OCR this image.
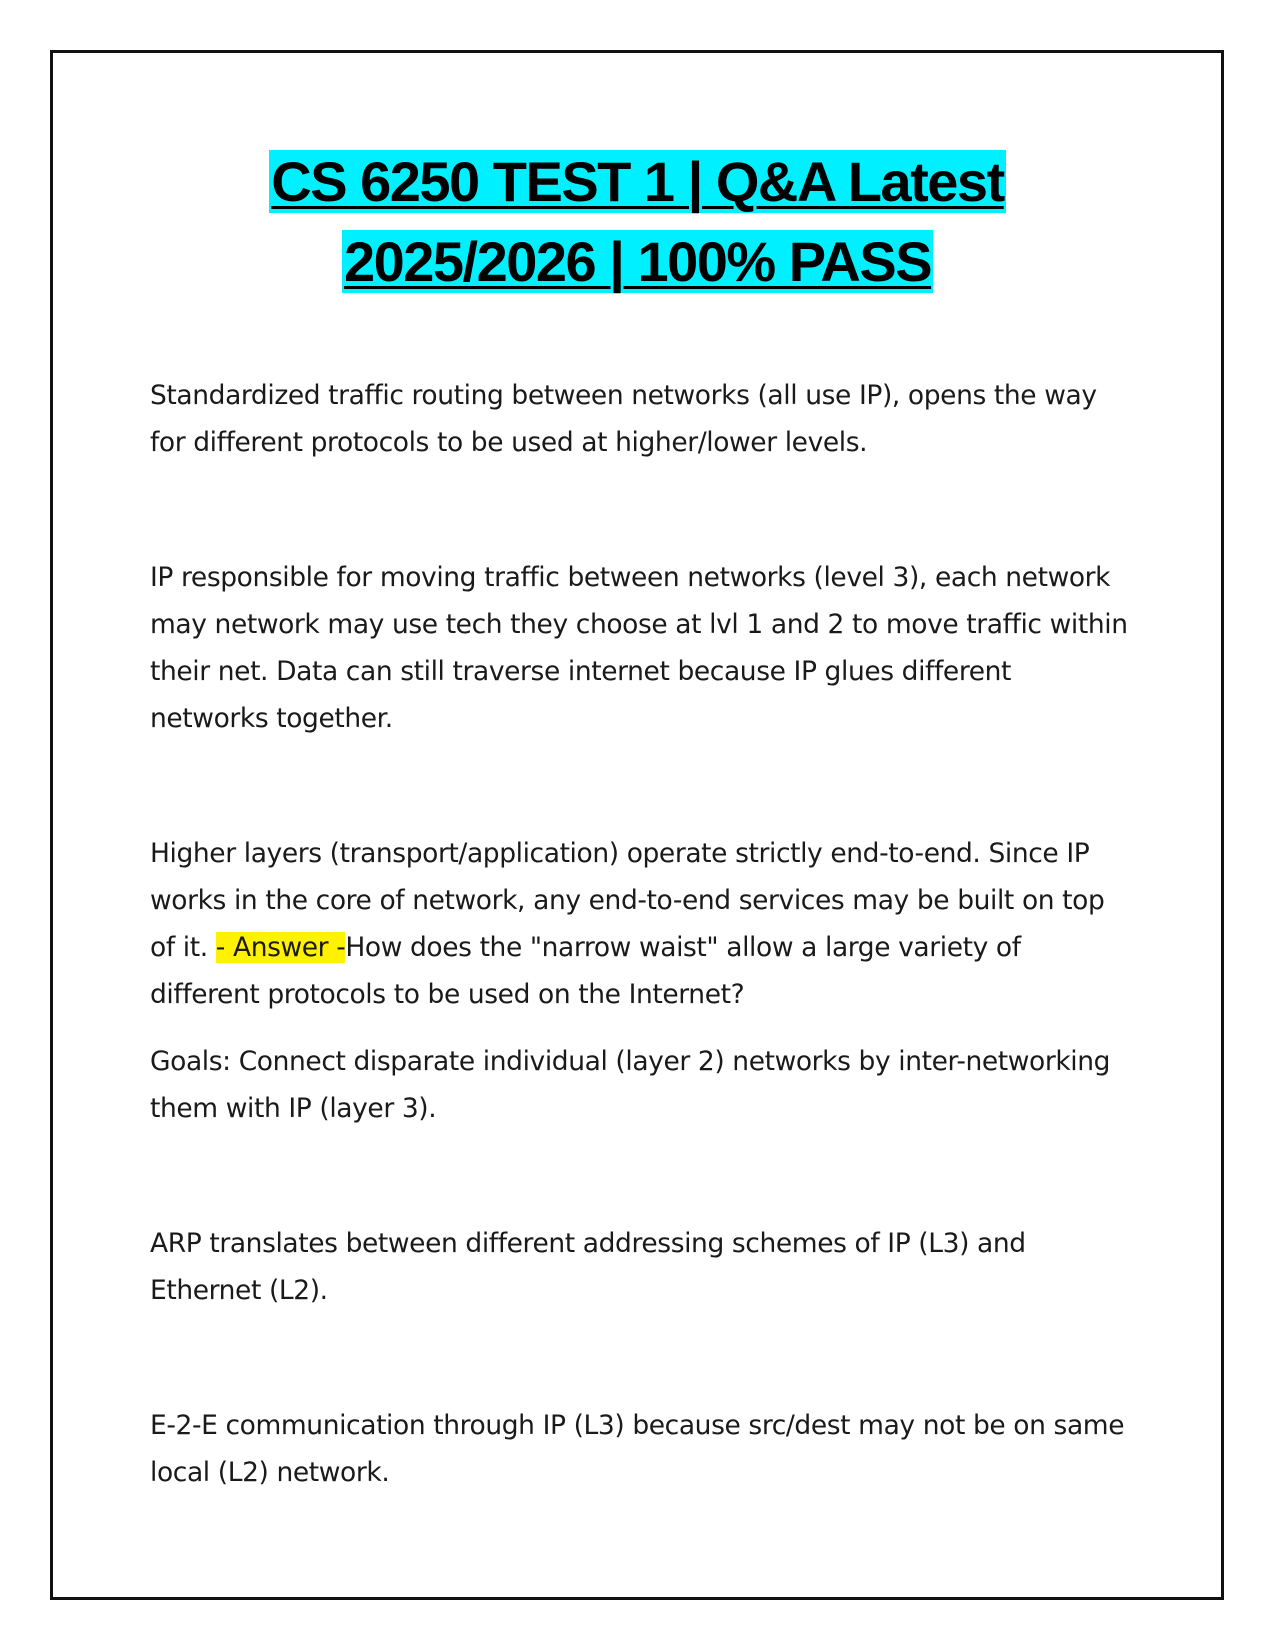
CS 6250 TEST 1 | Q&A Latest
2025/2026 | 100% PASS

Standardized traffic routing between networks (all use IP), opens the way for different protocols to be used at higher/lower levels.

IP responsible for moving traffic between networks (level 3), each network may network may use tech they choose at lvl 1 and 2 to move traffic within their net. Data can still traverse internet because IP glues different networks together.

Higher layers (transport/application) operate strictly end-to-end. Since IP works in the core of network, any end-to-end services may be built on top of it. - Answer -How does the "narrow waist" allow a large variety of different protocols to be used on the Internet?

Goals: Connect disparate individual (layer 2) networks by inter-networking them with IP (layer 3).

ARP translates between different addressing schemes of IP (L3) and Ethernet (L2).

E-2-E communication through IP (L3) because src/dest may not be on same local (L2) network.
